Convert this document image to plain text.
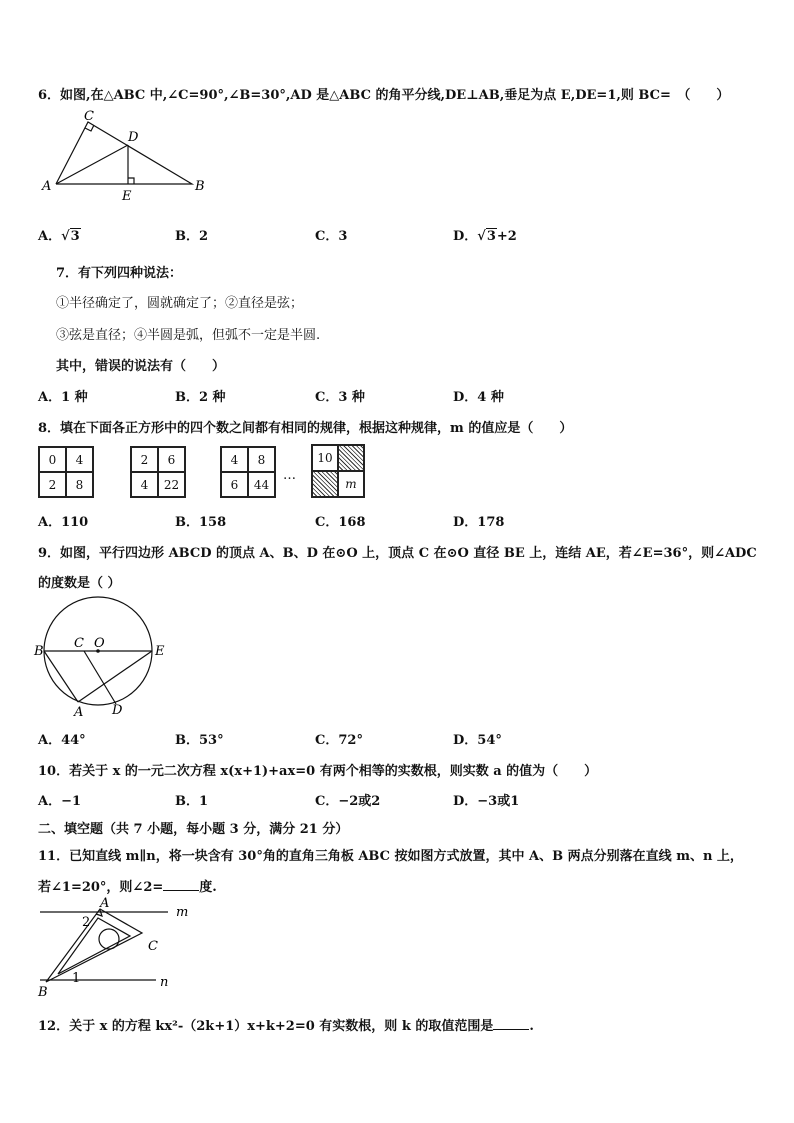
6．如图,在△ABC 中,∠C=90°,∠B=30°,AD 是△ABC 的角平分线,DE⊥AB,垂足为点 E,DE=1,则 BC=　（　　）
A
C
D
E
B
A．√3	B．2	C．3	D．√3+2
7．有下列四种说法：
①半径确定了，圆就确定了；②直径是弦；
③弦是直径；④半圆是弧，但弧不一定是半圆.
其中，错误的说法有（　　）
A．1 种	B．2 种	C．3 种	D．4 种
8．填在下面各正方形中的四个数之间都有相同的规律，根据这种规律，m 的值应是（　　）
0	4
2	8
2	6
4	22
4	8
6	44
…
10
m
A．110	B．158	C．168	D．178
9．如图，平行四边形 ABCD 的顶点 A、B、D 在⊙O 上，顶点 C 在⊙O 直径 BE 上，连结 AE，若∠E=36°，则∠ADC
的度数是（ ）
B
C O
E
A D
A．44°	B．53°	C．72°	D．54°
10．若关于 x 的一元二次方程 x(x+1)+ax=0 有两个相等的实数根，则实数 a 的值为（　　）
A．−1	B．1	C．−2或2	D．−3或1
二、填空题（共 7 小题，每小题 3 分，满分 21 分）
11．已知直线 m∥n，将一块含有 30°角的直角三角板 ABC 按如图方式放置，其中 A、B 两点分别落在直线 m、n 上，
若∠1=20°，则∠2=	度.
m
n
A
C
B
2
1
12．关于 x 的方程 kx²-（2k+1）x+k+2=0 有实数根，则 k 的取值范围是	.
